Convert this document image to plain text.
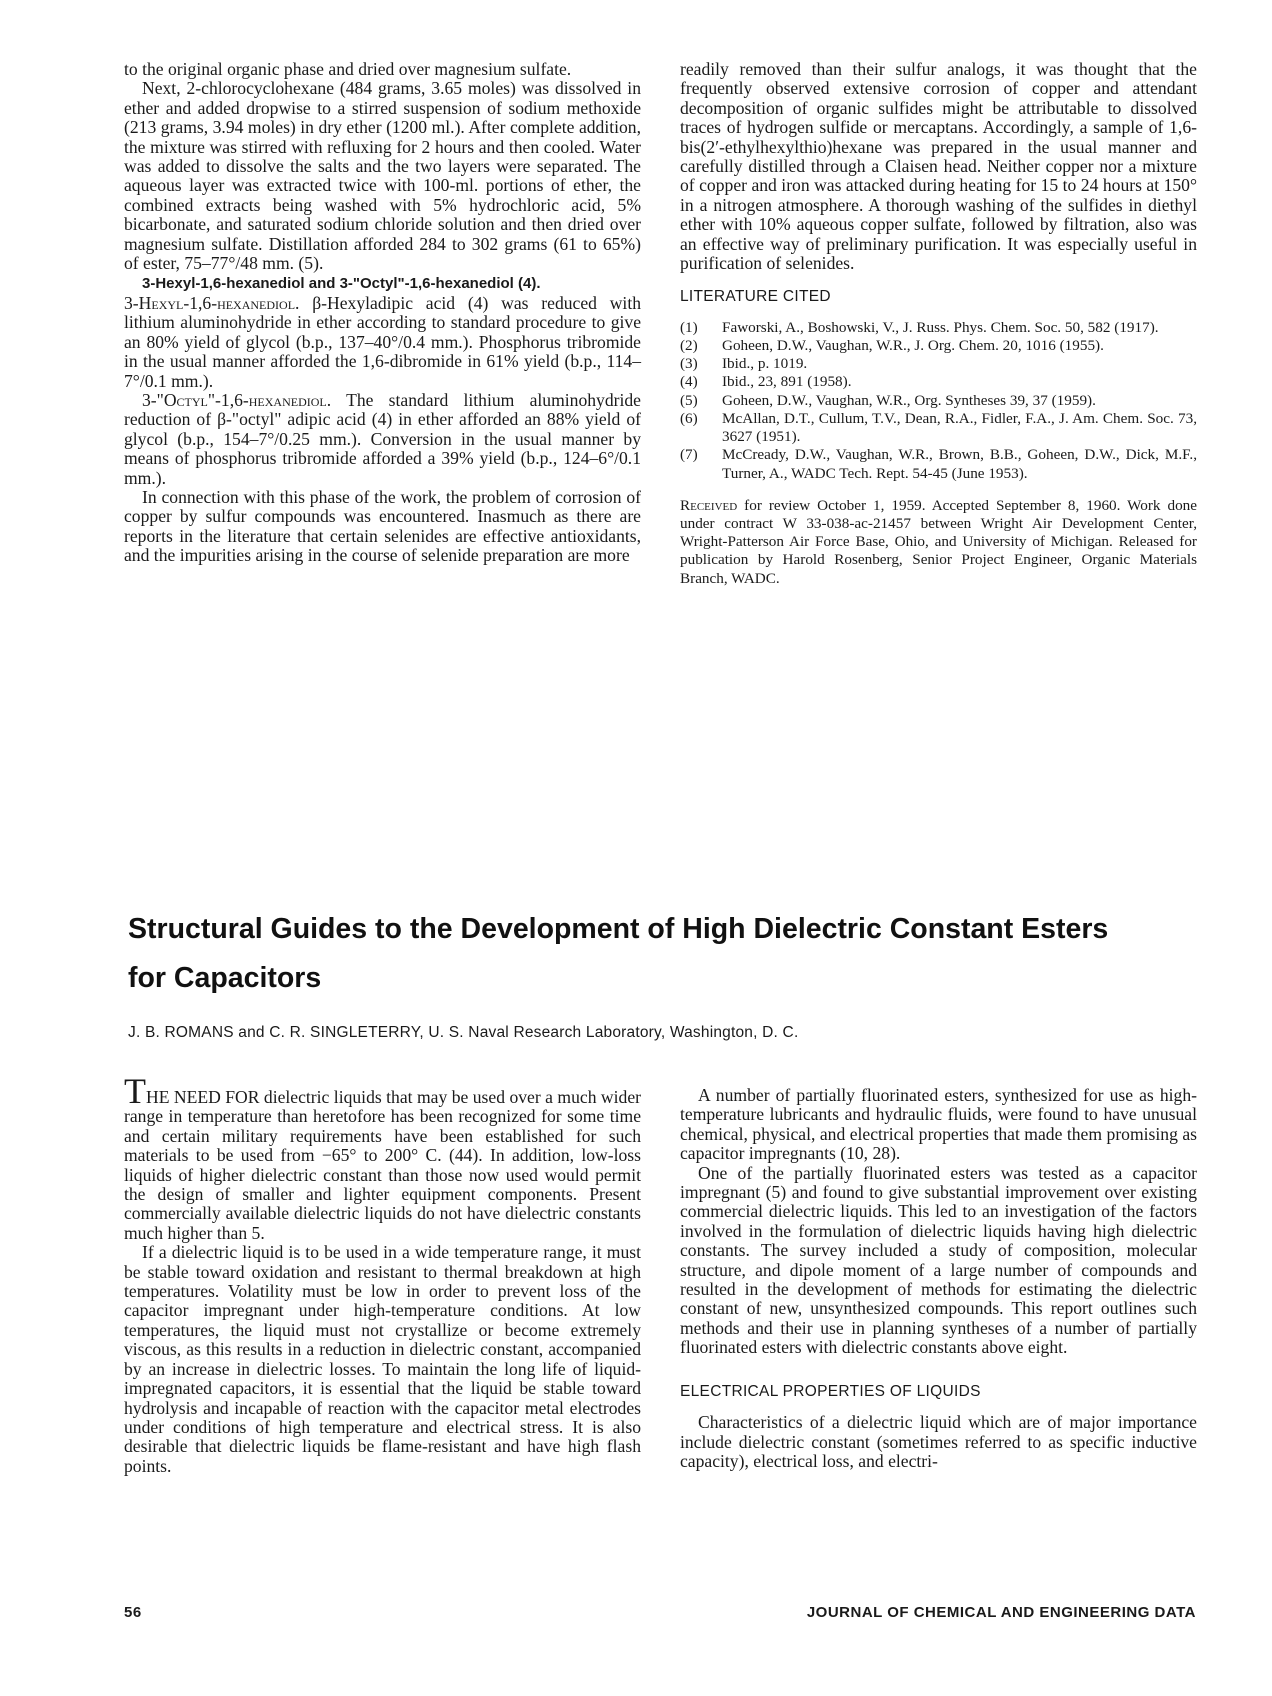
to the original organic phase and dried over magnesium sulfate.

Next, 2-chlorocyclohexane (484 grams, 3.65 moles) was dissolved in ether and added dropwise to a stirred suspension of sodium methoxide (213 grams, 3.94 moles) in dry ether (1200 ml.). After complete addition, the mixture was stirred with refluxing for 2 hours and then cooled. Water was added to dissolve the salts and the two layers were separated. The aqueous layer was extracted twice with 100-ml. portions of ether, the combined extracts being washed with 5% hydrochloric acid, 5% bicarbonate, and saturated sodium chloride solution and then dried over magnesium sulfate. Distillation afforded 284 to 302 grams (61 to 65%) of ester, 75–77°/48 mm. (5).

3-Hexyl-1,6-hexanediol and 3-"Octyl"-1,6-hexanediol (4).

3-Hexyl-1,6-hexanediol. β-Hexyladipic acid (4) was reduced with lithium aluminohydride in ether according to standard procedure to give an 80% yield of glycol (b.p., 137–40°/0.4 mm.). Phosphorus tribromide in the usual manner afforded the 1,6-dibromide in 61% yield (b.p., 114–7°/0.1 mm.).

3-"Octyl"-1,6-hexanediol. The standard lithium aluminohydride reduction of β-"octyl" adipic acid (4) in ether afforded an 88% yield of glycol (b.p., 154–7°/0.25 mm.). Conversion in the usual manner by means of phosphorus tribromide afforded a 39% yield (b.p., 124–6°/0.1 mm.).

In connection with this phase of the work, the problem of corrosion of copper by sulfur compounds was encountered. Inasmuch as there are reports in the literature that certain selenides are effective antioxidants, and the impurities arising in the course of selenide preparation are more

readily removed than their sulfur analogs, it was thought that the frequently observed extensive corrosion of copper and attendant decomposition of organic sulfides might be attributable to dissolved traces of hydrogen sulfide or mercaptans. Accordingly, a sample of 1,6-bis(2′-ethylhexylthio)hexane was prepared in the usual manner and carefully distilled through a Claisen head. Neither copper nor a mixture of copper and iron was attacked during heating for 15 to 24 hours at 150° in a nitrogen atmosphere. A thorough washing of the sulfides in diethyl ether with 10% aqueous copper sulfate, followed by filtration, also was an effective way of preliminary purification. It was especially useful in purification of selenides.

LITERATURE CITED
(1)	Faworski, A., Boshowski, V., J. Russ. Phys. Chem. Soc. 50, 582 (1917).
(2)	Goheen, D.W., Vaughan, W.R., J. Org. Chem. 20, 1016 (1955).
(3)	Ibid., p. 1019.
(4)	Ibid., 23, 891 (1958).
(5)	Goheen, D.W., Vaughan, W.R., Org. Syntheses 39, 37 (1959).
(6)	McAllan, D.T., Cullum, T.V., Dean, R.A., Fidler, F.A., J. Am. Chem. Soc. 73, 3627 (1951).
(7)	McCready, D.W., Vaughan, W.R., Brown, B.B., Goheen, D.W., Dick, M.F., Turner, A., WADC Tech. Rept. 54-45 (June 1953).
Received for review October 1, 1959. Accepted September 8, 1960. Work done under contract W 33-038-ac-21457 between Wright Air Development Center, Wright-Patterson Air Force Base, Ohio, and University of Michigan. Released for publication by Harold Rosenberg, Senior Project Engineer, Organic Materials Branch, WADC.
Structural Guides to the Development of High Dielectric Constant Esters for Capacitors
J. B. ROMANS and C. R. SINGLETERRY, U. S. Naval Research Laboratory, Washington, D. C.

THE NEED FOR dielectric liquids that may be used over a much wider range in temperature than heretofore has been recognized for some time and certain military requirements have been established for such materials to be used from −65° to 200° C. (44). In addition, low-loss liquids of higher dielectric constant than those now used would permit the design of smaller and lighter equipment components. Present commercially available dielectric liquids do not have dielectric constants much higher than 5.

If a dielectric liquid is to be used in a wide temperature range, it must be stable toward oxidation and resistant to thermal breakdown at high temperatures. Volatility must be low in order to prevent loss of the capacitor impregnant under high-temperature conditions. At low temperatures, the liquid must not crystallize or become extremely viscous, as this results in a reduction in dielectric constant, accompanied by an increase in dielectric losses. To maintain the long life of liquid-impregnated capacitors, it is essential that the liquid be stable toward hydrolysis and incapable of reaction with the capacitor metal electrodes under conditions of high temperature and electrical stress. It is also desirable that dielectric liquids be flame-resistant and have high flash points.

A number of partially fluorinated esters, synthesized for use as high-temperature lubricants and hydraulic fluids, were found to have unusual chemical, physical, and electrical properties that made them promising as capacitor impregnants (10, 28).

One of the partially fluorinated esters was tested as a capacitor impregnant (5) and found to give substantial improvement over existing commercial dielectric liquids. This led to an investigation of the factors involved in the formulation of dielectric liquids having high dielectric constants. The survey included a study of composition, molecular structure, and dipole moment of a large number of compounds and resulted in the development of methods for estimating the dielectric constant of new, unsynthesized compounds. This report outlines such methods and their use in planning syntheses of a number of partially fluorinated esters with dielectric constants above eight.

ELECTRICAL PROPERTIES OF LIQUIDS

Characteristics of a dielectric liquid which are of major importance include dielectric constant (sometimes referred to as specific inductive capacity), electrical loss, and electri-

56	JOURNAL OF CHEMICAL AND ENGINEERING DATA
